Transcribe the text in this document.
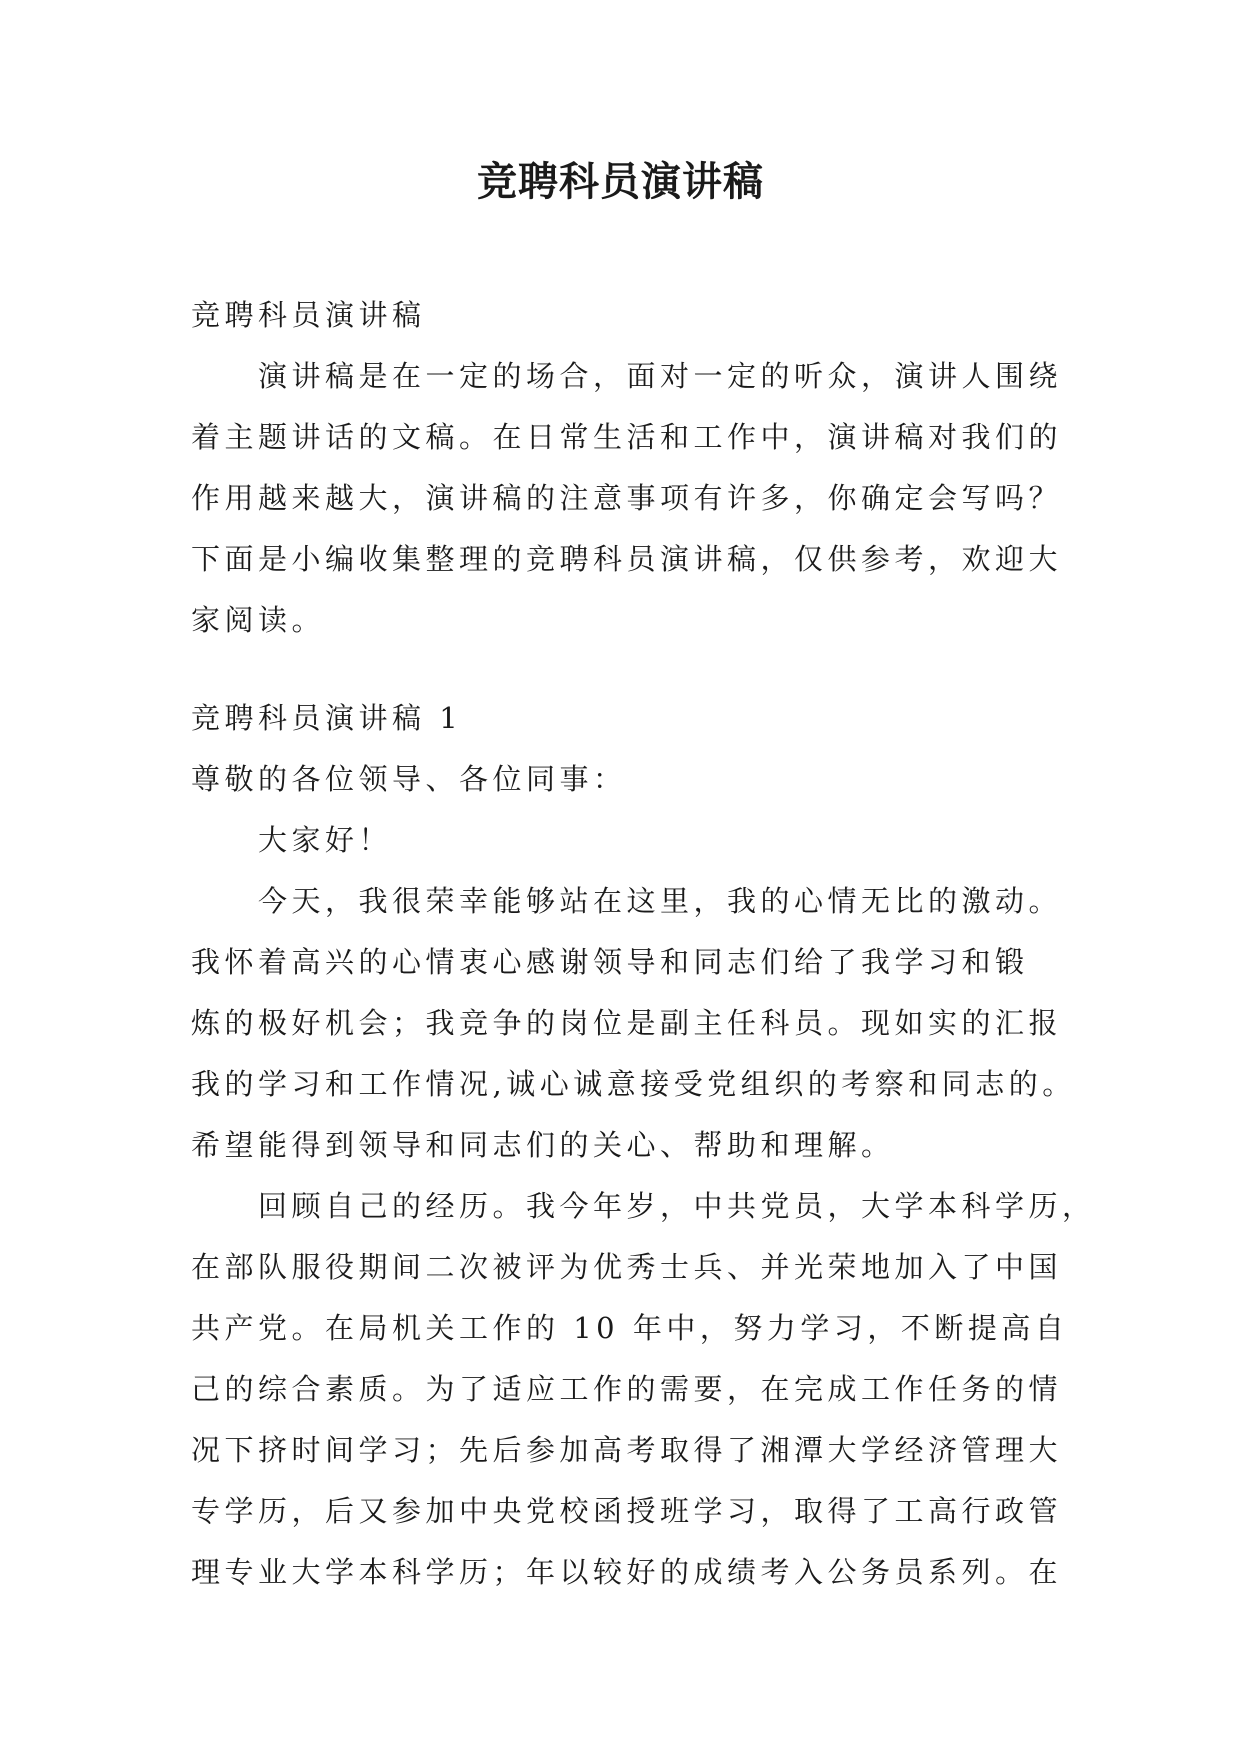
竞聘科员演讲稿

竞聘科员演讲稿

演讲稿是在一定的场合，面对一定的听众，演讲人围绕
着主题讲话的文稿。在日常生活和工作中，演讲稿对我们的
作用越来越大，演讲稿的注意事项有许多，你确定会写吗？
下面是小编收集整理的竞聘科员演讲稿，仅供参考，欢迎大
家阅读。

竞聘科员演讲稿 1

尊敬的各位领导、各位同事：

大家好！

今天，我很荣幸能够站在这里，我的心情无比的激动。
我怀着高兴的心情衷心感谢领导和同志们给了我学习和锻
炼的极好机会；我竞争的岗位是副主任科员。现如实的汇报
我的学习和工作情况,诚心诚意接受党组织的考察和同志的。
希望能得到领导和同志们的关心、帮助和理解。

回顾自己的经历。我今年岁，中共党员，大学本科学历，
在部队服役期间二次被评为优秀士兵、并光荣地加入了中国
共产党。在局机关工作的 10 年中，努力学习，不断提高自
己的综合素质。为了适应工作的需要，在完成工作任务的情
况下挤时间学习；先后参加高考取得了湘潭大学经济管理大
专学历，后又参加中央党校函授班学习，取得了工高行政管
理专业大学本科学历；年以较好的成绩考入公务员系列。在
